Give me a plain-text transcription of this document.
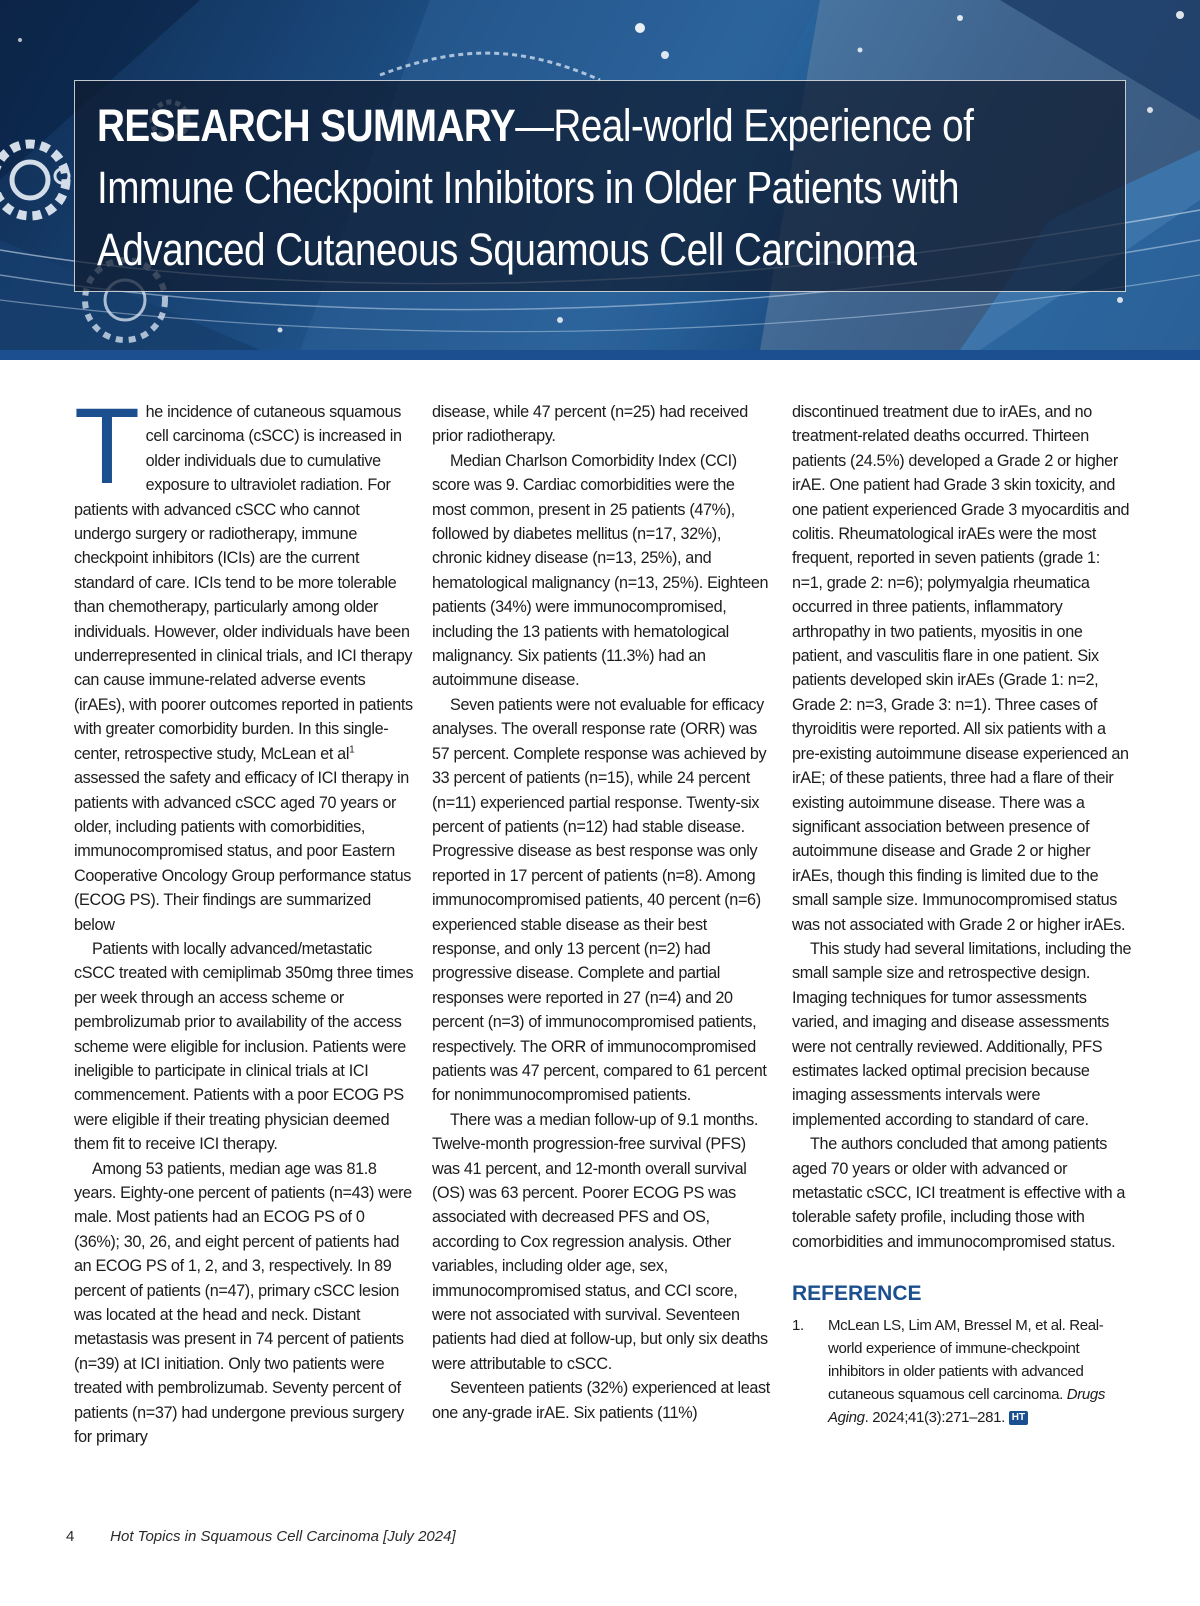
RESEARCH SUMMARY—Real-world Experience of Immune Checkpoint Inhibitors in Older Patients with Advanced Cutaneous Squamous Cell Carcinoma

The incidence of cutaneous squamous cell carcinoma (cSCC) is increased in older individuals due to cumulative exposure to ultraviolet radiation. For patients with advanced cSCC who cannot undergo surgery or radiotherapy, immune checkpoint inhibitors (ICIs) are the current standard of care. ICIs tend to be more tolerable than chemotherapy, particularly among older individuals. However, older individuals have been underrepresented in clinical trials, and ICI therapy can cause immune-related adverse events (irAEs), with poorer outcomes reported in patients with greater comorbidity burden. In this single-center, retrospective study, McLean et $al^1$ assessed the safety and efficacy of ICI therapy in patients with advanced cSCC aged 70 years or older, including patients with comorbidities, immunocompromised status, and poor Eastern Cooperative Oncology Group performance status (ECOG PS). Their findings are summarized below

Patients with locally advanced/metastatic cSCC treated with cemiplimab 350mg three times per week through an access scheme or pembrolizumab prior to availability of the access scheme were eligible for inclusion. Patients were ineligible to participate in clinical trials at ICI commencement. Patients with a poor ECOG PS were eligible if their treating physician deemed them fit to receive ICI therapy.

Among 53 patients, median age was 81.8 years. Eighty-one percent of patients (n=43) were male. Most patients had an ECOG PS of 0 (36%); 30, 26, and eight percent of patients had an ECOG PS of 1, 2, and 3, respectively. In 89 percent of patients (n=47), primary cSCC lesion was located at the head and neck. Distant metastasis was present in 74 percent of patients (n=39) at ICI initiation. Only two patients were treated with pembrolizumab. Seventy percent of patients (n=37) had undergone previous surgery for primary

disease, while 47 percent (n=25) had received prior radiotherapy.

Median Charlson Comorbidity Index (CCI) score was 9. Cardiac comorbidities were the most common, present in 25 patients (47%), followed by diabetes mellitus (n=17, 32%), chronic kidney disease (n=13, 25%), and hematological malignancy (n=13, 25%). Eighteen patients (34%) were immunocompromised, including the 13 patients with hematological malignancy. Six patients (11.3%) had an autoimmune disease.

Seven patients were not evaluable for efficacy analyses. The overall response rate (ORR) was 57 percent. Complete response was achieved by 33 percent of patients (n=15), while 24 percent (n=11) experienced partial response. Twenty-six percent of patients (n=12) had stable disease. Progressive disease as best response was only reported in 17 percent of patients (n=8). Among immunocompromised patients, 40 percent (n=6) experienced stable disease as their best response, and only 13 percent (n=2) had progressive disease. Complete and partial responses were reported in 27 (n=4) and 20 percent (n=3) of immunocompromised patients, respectively. The ORR of immunocompromised patients was 47 percent, compared to 61 percent for nonimmunocompromised patients.

There was a median follow-up of 9.1 months. Twelve-month progression-free survival (PFS) was 41 percent, and 12-month overall survival (OS) was 63 percent. Poorer ECOG PS was associated with decreased PFS and OS, according to Cox regression analysis. Other variables, including older age, sex, immunocompromised status, and CCI score, were not associated with survival. Seventeen patients had died at follow-up, but only six deaths were attributable to cSCC.

Seventeen patients (32%) experienced at least one any-grade irAE. Six patients (11%)

discontinued treatment due to irAEs, and no treatment-related deaths occurred. Thirteen patients (24.5%) developed a Grade 2 or higher irAE. One patient had Grade 3 skin toxicity, and one patient experienced Grade 3 myocarditis and colitis. Rheumatological irAEs were the most frequent, reported in seven patients (grade 1: n=1, grade 2: n=6); polymyalgia rheumatica occurred in three patients, inflammatory arthropathy in two patients, myositis in one patient, and vasculitis flare in one patient. Six patients developed skin irAEs (Grade 1: n=2, Grade 2: n=3, Grade 3: n=1). Three cases of thyroiditis were reported. All six patients with a pre-existing autoimmune disease experienced an irAE; of these patients, three had a flare of their existing autoimmune disease. There was a significant association between presence of autoimmune disease and Grade 2 or higher irAEs, though this finding is limited due to the small sample size. Immunocompromised status was not associated with Grade 2 or higher irAEs.

This study had several limitations, including the small sample size and retrospective design. Imaging techniques for tumor assessments varied, and imaging and disease assessments were not centrally reviewed. Additionally, PFS estimates lacked optimal precision because imaging assessments intervals were implemented according to standard of care.

The authors concluded that among patients aged 70 years or older with advanced or metastatic cSCC, ICI treatment is effective with a tolerable safety profile, including those with comorbidities and immunocompromised status.

REFERENCE
1.	McLean LS, Lim AM, Bressel M, et al. Real-world experience of immune-checkpoint inhibitors in older patients with advanced cutaneous squamous cell carcinoma. Drugs Aging. 2024;41(3):271–281. HT
4 Hot Topics in Squamous Cell Carcinoma [July 2024]
